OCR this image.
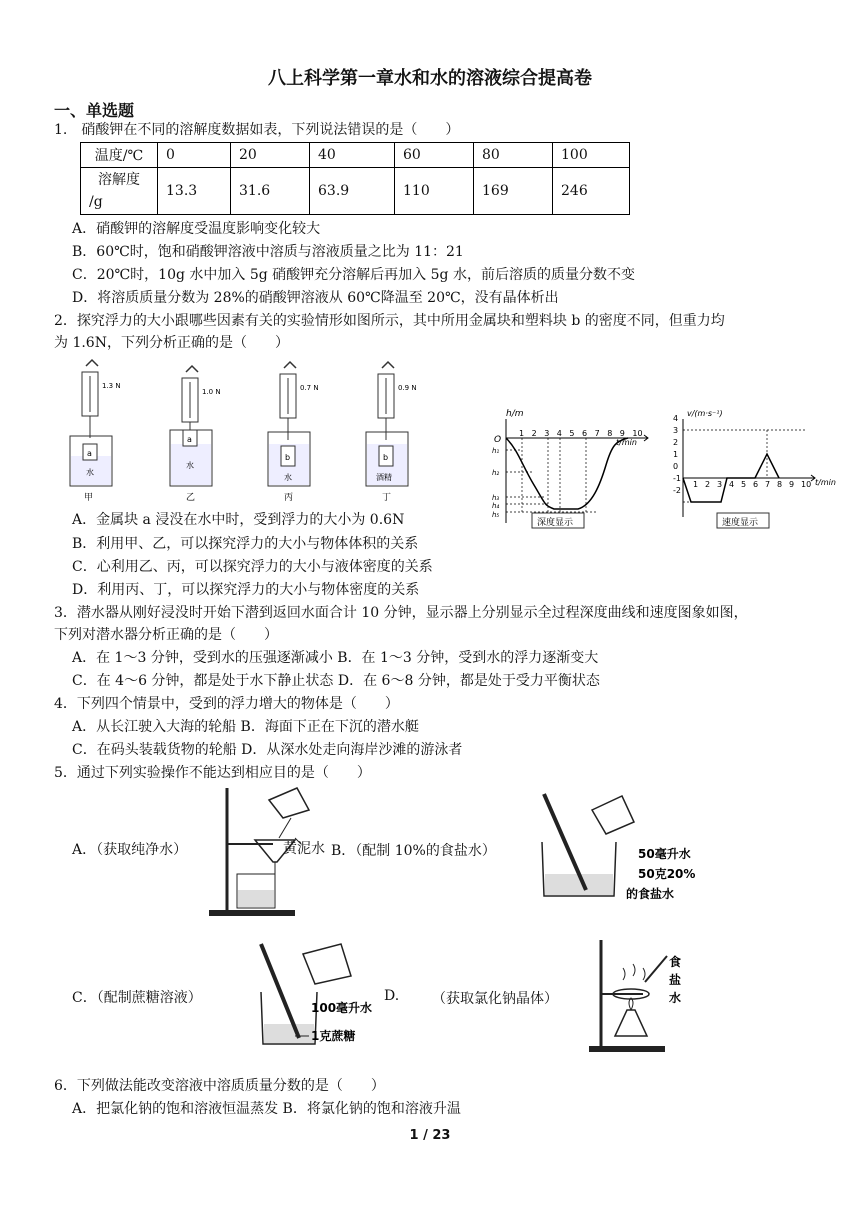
八上科学第一章水和水的溶液综合提高卷
一、单选题
1.　硝酸钾在不同的溶解度数据如表，下列说法错误的是（　　）
温度/℃	0	20	40	60	80	100
溶解度

/g	13.3	31.6	63.9	110	169	246
A．硝酸钾的溶解度受温度影响变化较大
B．60℃时，饱和硝酸钾溶液中溶质与溶液质量之比为 11：21
C．20℃时，10g 水中加入 5g 硝酸钾充分溶解后再加入 5g 水，前后溶质的质量分数不变
D．将溶质质量分数为 28%的硝酸钾溶液从 60℃降温至 20℃，没有晶体析出
2．探究浮力的大小跟哪些因素有关的实验情形如图所示，其中所用金属块和塑料块 b 的密度不同，但重力均
为 1.6N，下列分析正确的是（　　）
1.3 N
a
水
甲
1.0 N
a
水
乙
0.7 N
b
水
丙
0.9 N
b
酒精
丁
h/m
O
1 2 3 4 5 6 7 8 9 10
t/min
h₁
h₂
h₃
h₄
h₅
深度显示
v/(m·s⁻¹)
4
3
2
1
0
-1
-2
1 2 3 4 5 6 7 8 9 10 t/min
速度显示
A．金属块 a 浸没在水中时，受到浮力的大小为 0.6N
B．利用甲、乙，可以探究浮力的大小与物体体积的关系
C．心利用乙、丙，可以探究浮力的大小与液体密度的关系
D．利用丙、丁，可以探究浮力的大小与物体密度的关系
3．潜水器从刚好浸没时开始下潜到返回水面合计 10 分钟，显示器上分别显示全过程深度曲线和速度图象如图，
下列对潜水器分析正确的是（　　）
A．在 1～3 分钟，受到水的压强逐渐减小 B．在 1～3 分钟，受到水的浮力逐渐变大
C．在 4～6 分钟，都是处于水下静止状态 D．在 6～8 分钟，都是处于受力平衡状态
4．下列四个情景中，受到的浮力增大的物体是（　　）
A．从长江驶入大海的轮船 B．海面下正在下沉的潜水艇
C．在码头装载货物的轮船 D．从深水处走向海岸沙滩的游泳者
5．通过下列实验操作不能达到相应目的是（　　）
A．（获取纯净水）	黄泥水 B．（配制 10%的食盐水）	50毫升水
50克20%
的食盐水
C．（配制蔗糖溶液）
100毫升水
1克蔗糖
D. （获取氯化钠晶体）
食
盐
水
6．下列做法能改变溶液中溶质质量分数的是（　　）
A．把氯化钠的饱和溶液恒温蒸发 B．将氯化钠的饱和溶液升温
1 / 23
